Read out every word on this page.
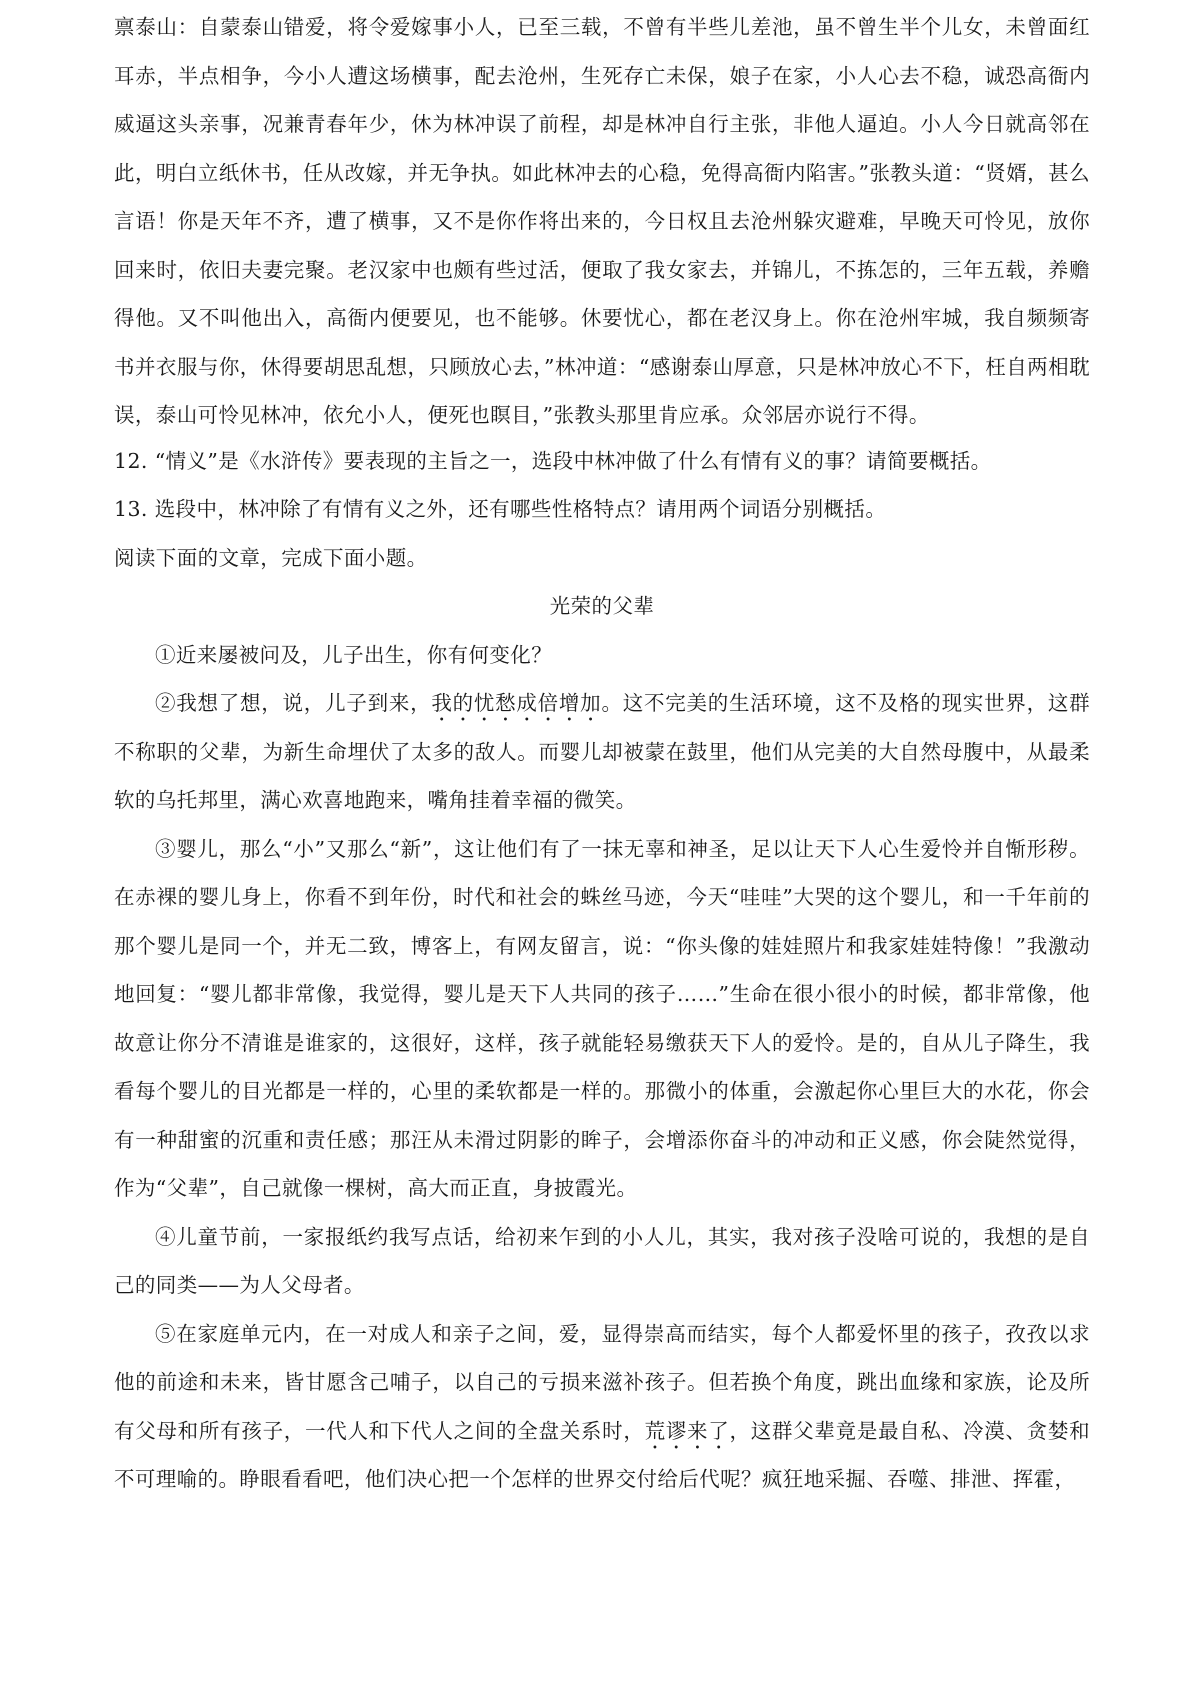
禀泰山：自蒙泰山错爱，将令爱嫁事小人，已至三载，不曾有半些儿差池，虽不曾生半个儿女，未曾面红耳赤，半点相争，今小人遭这场横事，配去沧州，生死存亡未保，娘子在家，小人心去不稳，诚恐高衙内威逼这头亲事，况兼青春年少，休为林冲误了前程，却是林冲自行主张，非他人逼迫。小人今日就高邻在此，明白立纸休书，任从改嫁，并无争执。如此林冲去的心稳，免得高衙内陷害。”张教头道：“贤婿，甚么言语！你是天年不齐，遭了横事，又不是你作将出来的，今日权且去沧州躲灾避难，早晚天可怜见，放你回来时，依旧夫妻完聚。老汉家中也颇有些过活，便取了我女家去，并锦儿，不拣怎的，三年五载，养赡得他。又不叫他出入，高衙内便要见，也不能够。休要忧心，都在老汉身上。你在沧州牢城，我自频频寄书并衣服与你，休得要胡思乱想，只顾放心去，”林冲道：“感谢泰山厚意，只是林冲放心不下，枉自两相耽误，泰山可怜见林冲，依允小人，便死也瞑目，”张教头那里肯应承。众邻居亦说行不得。

12. “情义”是《水浒传》要表现的主旨之一，选段中林冲做了什么有情有义的事？请简要概括。

13. 选段中，林冲除了有情有义之外，还有哪些性格特点？请用两个词语分别概括。

阅读下面的文章，完成下面小题。

光荣的父辈

①近来屡被问及，儿子出生，你有何变化？

②我想了想，说，儿子到来，我的忧愁成倍增加。这不完美的生活环境，这不及格的现实世界，这群不称职的父辈，为新生命埋伏了太多的敌人。而婴儿却被蒙在鼓里，他们从完美的大自然母腹中，从最柔软的乌托邦里，满心欢喜地跑来，嘴角挂着幸福的微笑。

③婴儿，那么“小”又那么“新”，这让他们有了一抹无辜和神圣，足以让天下人心生爱怜并自惭形秽。在赤裸的婴儿身上，你看不到年份，时代和社会的蛛丝马迹，今天“哇哇”大哭的这个婴儿，和一千年前的那个婴儿是同一个，并无二致，博客上，有网友留言，说：“你头像的娃娃照片和我家娃娃特像！”我激动地回复：“婴儿都非常像，我觉得，婴儿是天下人共同的孩子……”生命在很小很小的时候，都非常像，他故意让你分不清谁是谁家的，这很好，这样，孩子就能轻易缴获天下人的爱怜。是的，自从儿子降生，我看每个婴儿的目光都是一样的，心里的柔软都是一样的。那微小的体重，会激起你心里巨大的水花，你会有一种甜蜜的沉重和责任感；那汪从未滑过阴影的眸子，会增添你奋斗的冲动和正义感，你会陡然觉得，作为“父辈”，自己就像一棵树，高大而正直，身披霞光。

④儿童节前，一家报纸约我写点话，给初来乍到的小人儿，其实，我对孩子没啥可说的，我想的是自己的同类——为人父母者。

⑤在家庭单元内，在一对成人和亲子之间，爱，显得崇高而结实，每个人都爱怀里的孩子，孜孜以求他的前途和未来，皆甘愿含己哺子，以自己的亏损来滋补孩子。但若换个角度，跳出血缘和家族，论及所有父母和所有孩子，一代人和下代人之间的全盘关系时，荒谬来了，这群父辈竟是最自私、冷漠、贪婪和不可理喻的。睁眼看看吧，他们决心把一个怎样的世界交付给后代呢？疯狂地采掘、吞噬、排泄、挥霍，
